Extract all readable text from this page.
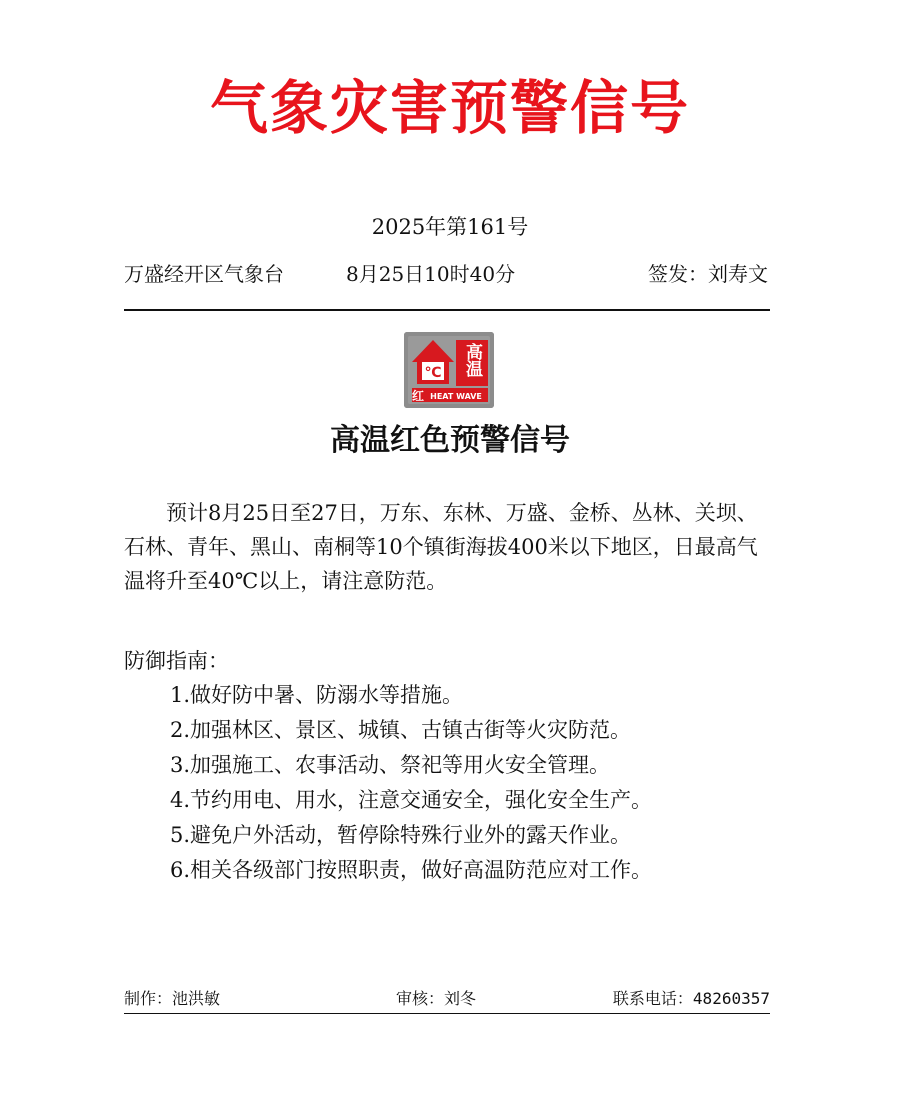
气象灾害预警信号
2025年第161号
万盛经开区气象台	8月25日10时40分	签发：刘寿文
℃ 高温
红 HEAT WAVE
高温红色预警信号

预计8月25日至27日，万东、东林、万盛、金桥、丛林、关坝、石林、青年、黑山、南桐等10个镇街海拔400米以下地区，日最高气温将升至40℃以上，请注意防范。

防御指南：
1.做好防中暑、防溺水等措施。
2.加强林区、景区、城镇、古镇古街等火灾防范。
3.加强施工、农事活动、祭祀等用火安全管理。
4.节约用电、用水，注意交通安全，强化安全生产。
5.避免户外活动，暂停除特殊行业外的露天作业。
6.相关各级部门按照职责，做好高温防范应对工作。
制作：池洪敏	审核：刘冬	联系电话：48260357
